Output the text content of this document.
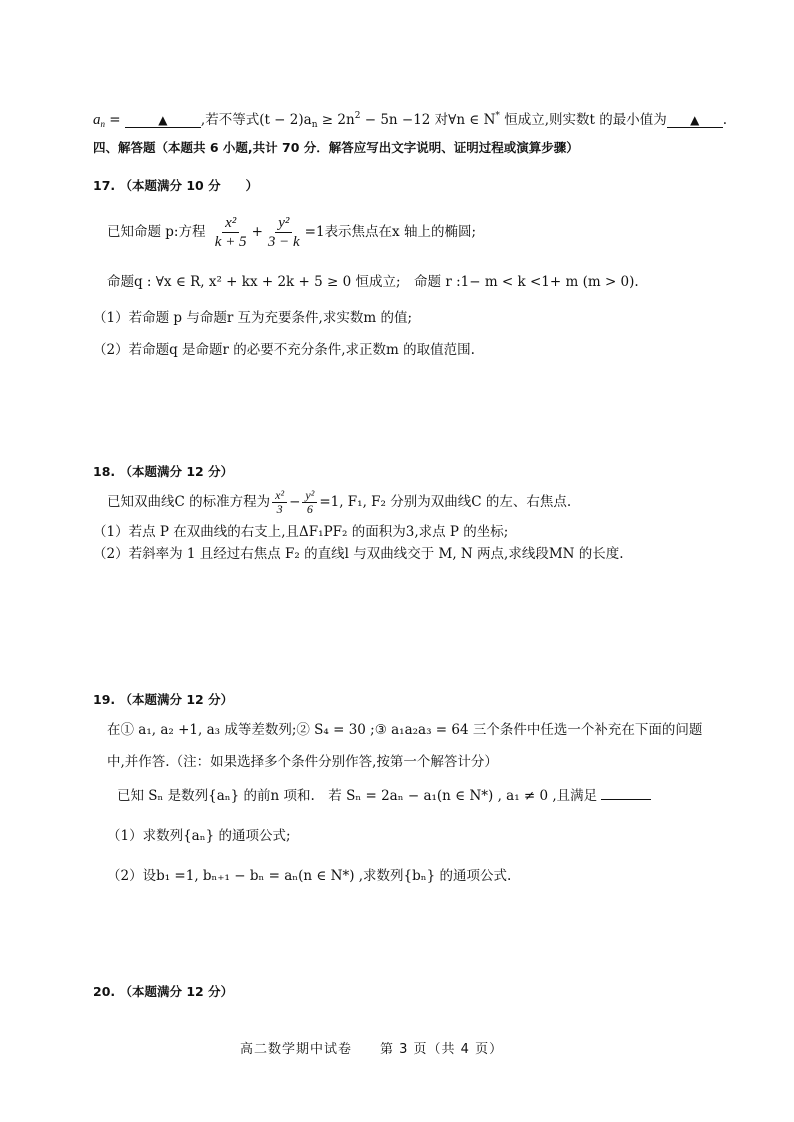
$a_n$ =	▲ ,若不等式$(t - 2)a_n \ge 2n^2 - 5n -12$ 对∀n ∈ N* 恒成立,则实数t 的最小值为 ▲ .
四、解答题（本题共 6 小题,共计 70 分．解答应写出文字说明、证明过程或演算步骤）
17. （本题满分 10 分　　）
已知命题 p:方程 $\frac{\text{x²}}{k + 5} + \frac{\text{y²}}{3 - k} =1$表示焦点在x 轴上的椭圆;
命题q : ∀x ∈ R, x² + kx + 2k + 5 ≥ 0 恒成立;　命题 r :1− m < k <1+ m (m > 0).
（1）若命题 p 与命题r 互为充要条件,求实数m 的值;
（2）若命题q 是命题r 的必要不充分条件,求正数m 的取值范围.
18. （本题满分 12 分）
已知双曲线C 的标准方程为 $\frac{\text{x²}}{3} - \frac{\text{y²}}{6} =1$, F₁, F₂ 分别为双曲线C 的左、右焦点.
（1）若点 P 在双曲线的右支上,且ΔF₁PF₂ 的面积为3,求点 P 的坐标;
（2）若斜率为 1 且经过右焦点 F₂ 的直线l 与双曲线交于 M, N 两点,求线段MN 的长度.
19. （本题满分 12 分）
在① a₁, a₂ +1, a₃ 成等差数列;② S₄ = 30 ;③ a₁a₂a₃ = 64 三个条件中任选一个补充在下面的问题
中,并作答.（注：如果选择多个条件分别作答,按第一个解答计分）
已知 Sₙ 是数列{aₙ} 的前n 项和.　若 Sₙ = 2aₙ − a₁(n ∈ N*) , a₁ ≠ 0 ,且满足
（1）求数列{aₙ} 的通项公式;
（2）设b₁ =1, bₙ₊₁ − bₙ = aₙ(n ∈ N*) ,求数列{bₙ} 的通项公式.
20. （本题满分 12 分）
高二数学期中试卷　　第 3 页（共 4 页）
